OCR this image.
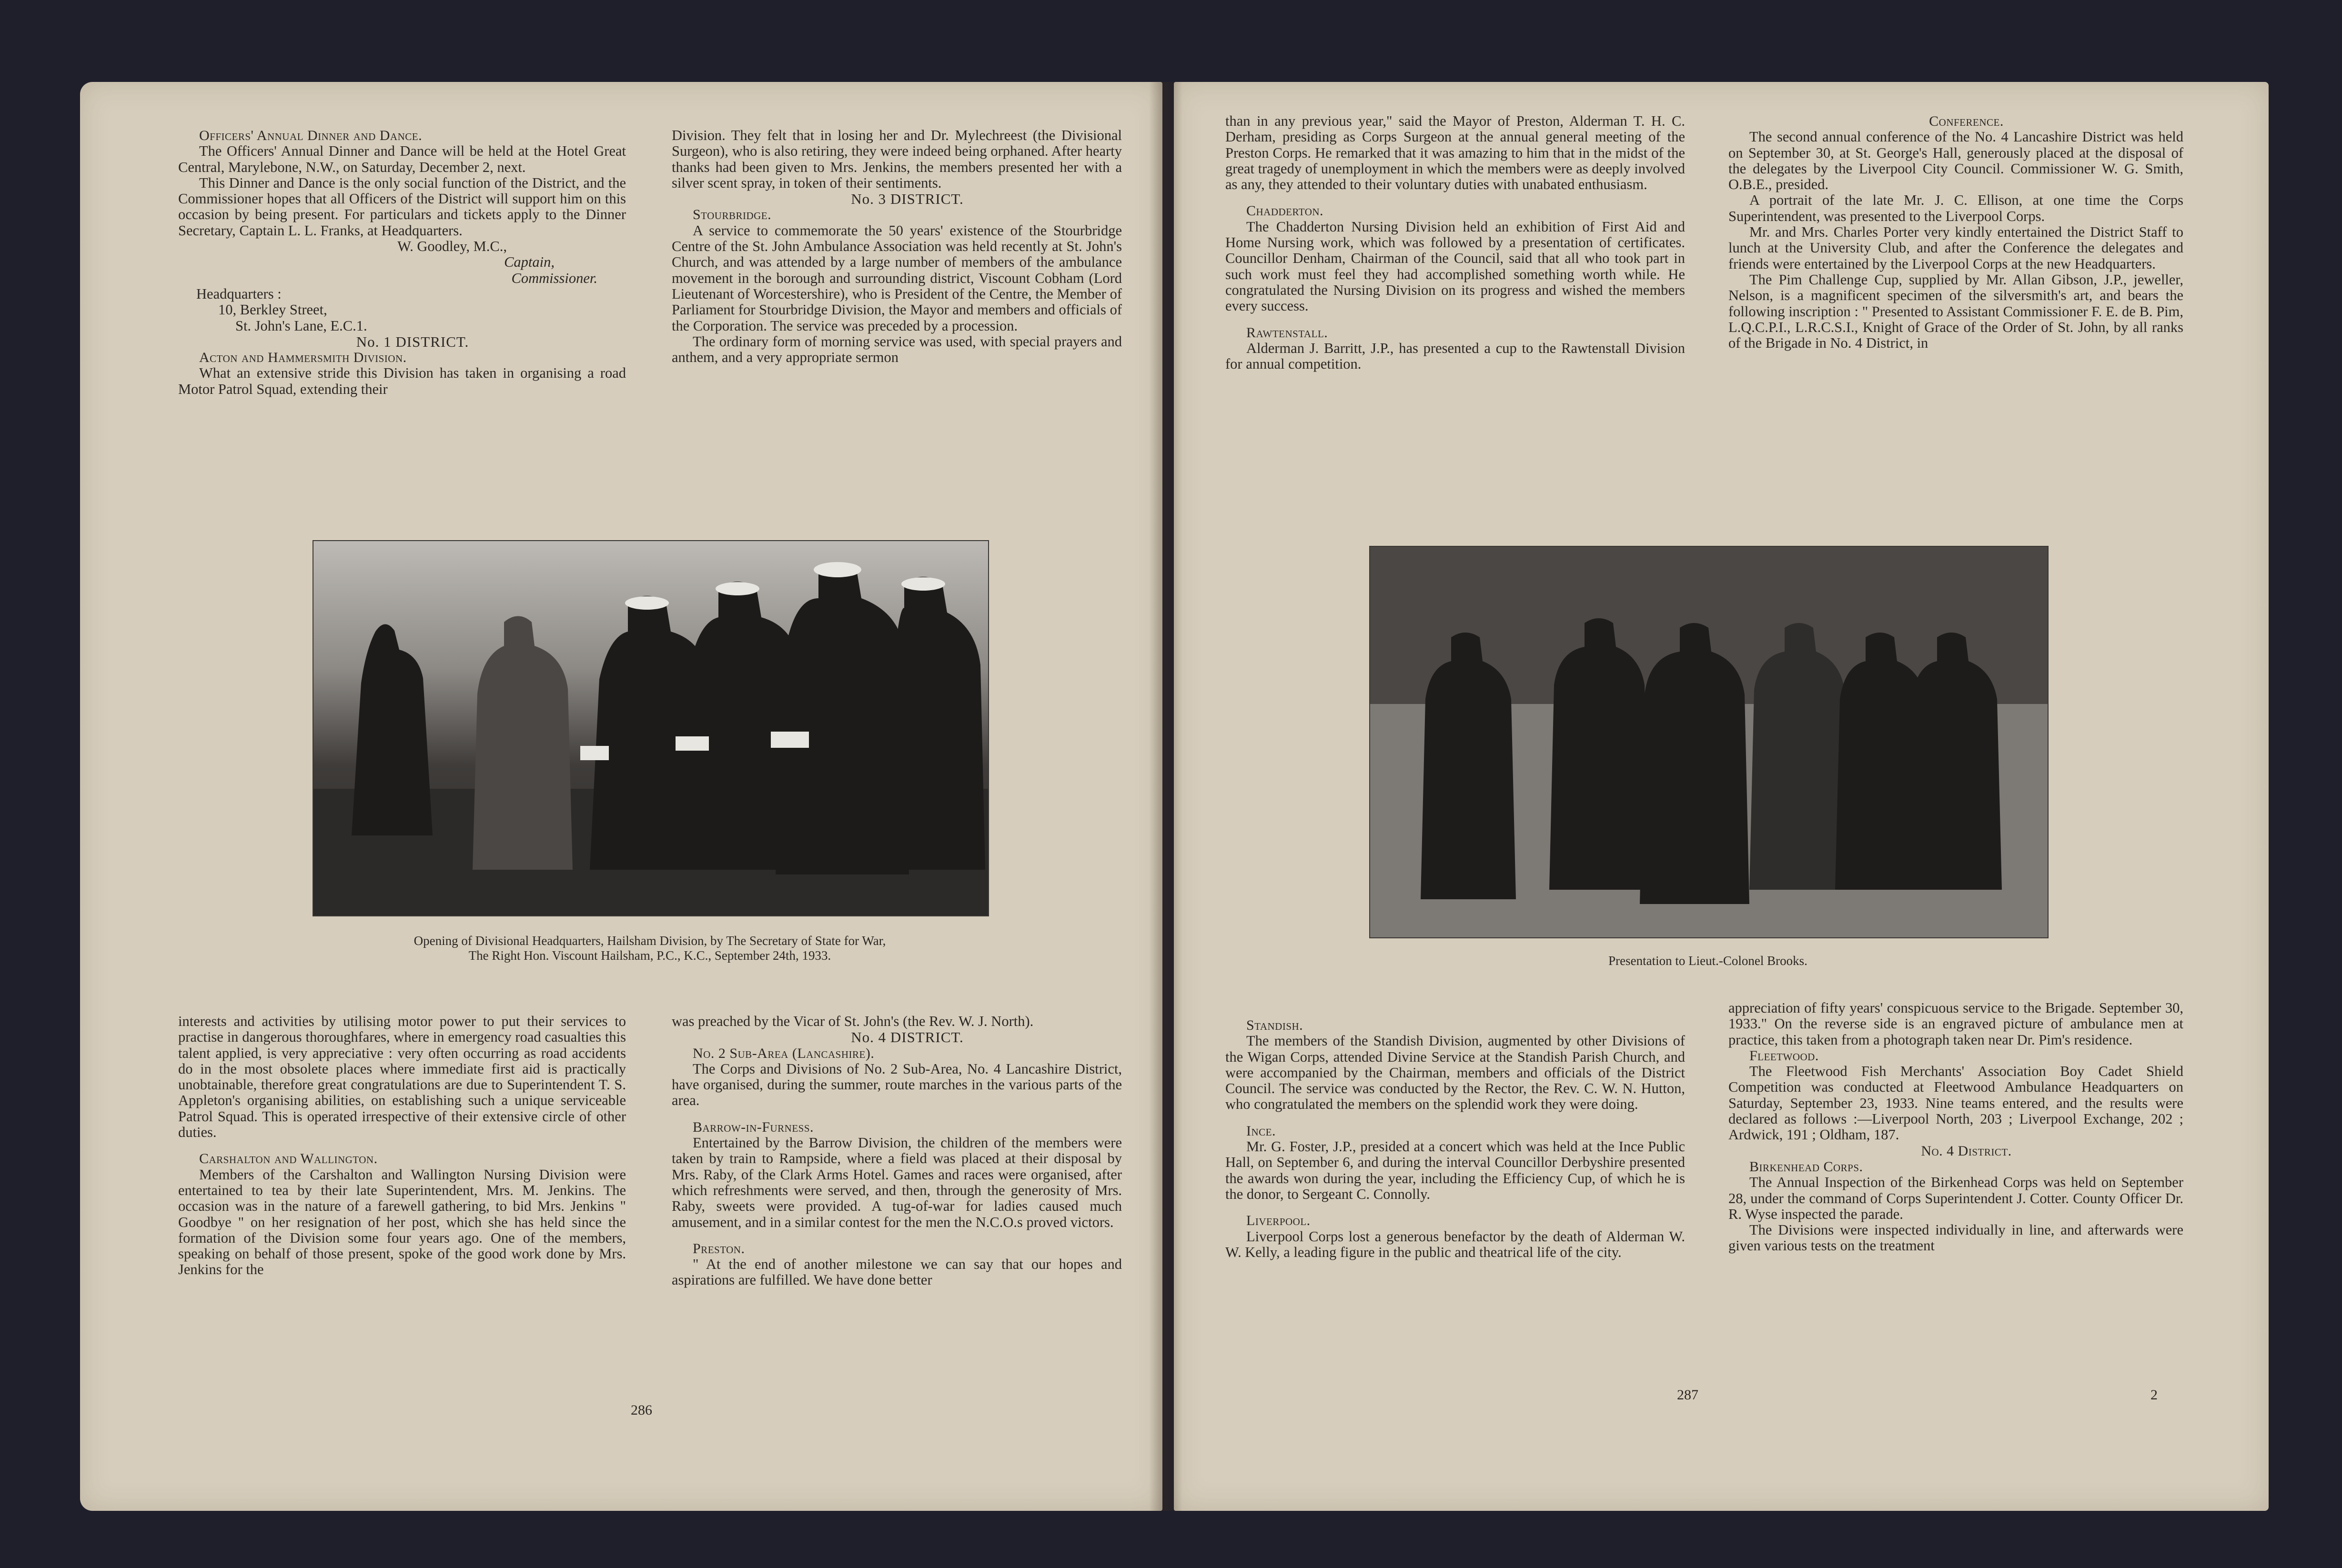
Officers' Annual Dinner and Dance.

The Officers' Annual Dinner and Dance will be held at the Hotel Great Central, Marylebone, N.W., on Saturday, December 2, next.

This Dinner and Dance is the only social function of the District, and the Commissioner hopes that all Officers of the District will support him on this occasion by being present. For particulars and tickets apply to the Dinner Secretary, Captain L. L. Franks, at Headquarters.

W. Goodley, M.C.,

Captain,

Commissioner.

Headquarters :

10, Berkley Street,

St. John's Lane, E.C.1.

No. 1 DISTRICT.

Acton and Hammersmith Division.

What an extensive stride this Division has taken in organising a road Motor Patrol Squad, extending their

Division. They felt that in losing her and Dr. Mylechreest (the Divisional Surgeon), who is also retiring, they were indeed being orphaned. After hearty thanks had been given to Mrs. Jenkins, the members presented her with a silver scent spray, in token of their sentiments.

No. 3 DISTRICT.

Stourbridge.

A service to commemorate the 50 years' existence of the Stourbridge Centre of the St. John Ambulance Association was held recently at St. John's Church, and was attended by a large number of members of the ambulance movement in the borough and surrounding district, Viscount Cobham (Lord Lieutenant of Worcestershire), who is President of the Centre, the Member of Parliament for Stourbridge Division, the Mayor and members and officials of the Corporation. The service was preceded by a procession.

The ordinary form of morning service was used, with special prayers and anthem, and a very appropriate sermon

Opening of Divisional Headquarters, Hailsham Division, by The Secretary of State for War,
The Right Hon. Viscount Hailsham, P.C., K.C., September 24th, 1933.

interests and activities by utilising motor power to put their services to practise in dangerous thoroughfares, where in emergency road casualties this talent applied, is very appreciative : very often occurring as road accidents do in the most obsolete places where immediate first aid is practically unobtainable, therefore great congratulations are due to Superintendent T. S. Appleton's organising abilities, on establishing such a unique serviceable Patrol Squad. This is operated irrespective of their extensive circle of other duties.

Carshalton and Wallington.

Members of the Carshalton and Wallington Nursing Division were entertained to tea by their late Superintendent, Mrs. M. Jenkins. The occasion was in the nature of a farewell gathering, to bid Mrs. Jenkins " Goodbye " on her resignation of her post, which she has held since the formation of the Division some four years ago. One of the members, speaking on behalf of those present, spoke of the good work done by Mrs. Jenkins for the

was preached by the Vicar of St. John's (the Rev. W. J. North).

No. 4 DISTRICT.

No. 2 Sub-Area (Lancashire).

The Corps and Divisions of No. 2 Sub-Area, No. 4 Lancashire District, have organised, during the summer, route marches in the various parts of the area.

Barrow-in-Furness.

Entertained by the Barrow Division, the children of the members were taken by train to Rampside, where a field was placed at their disposal by Mrs. Raby, of the Clark Arms Hotel. Games and races were organised, after which refreshments were served, and then, through the generosity of Mrs. Raby, sweets were provided. A tug-of-war for ladies caused much amusement, and in a similar contest for the men the N.C.O.s proved victors.

Preston.

" At the end of another milestone we can say that our hopes and aspirations are fulfilled. We have done better

286

than in any previous year," said the Mayor of Preston, Alderman T. H. C. Derham, presiding as Corps Surgeon at the annual general meeting of the Preston Corps. He remarked that it was amazing to him that in the midst of the great tragedy of unemployment in which the members were as deeply involved as any, they attended to their voluntary duties with unabated enthusiasm.

Chadderton.

The Chadderton Nursing Division held an exhibition of First Aid and Home Nursing work, which was followed by a presentation of certificates. Councillor Denham, Chairman of the Council, said that all who took part in such work must feel they had accomplished something worth while. He congratulated the Nursing Division on its progress and wished the members every success.

Rawtenstall.

Alderman J. Barritt, J.P., has presented a cup to the Rawtenstall Division for annual competition.

Conference.

The second annual conference of the No. 4 Lancashire District was held on September 30, at St. George's Hall, generously placed at the disposal of the delegates by the Liverpool City Council. Commissioner W. G. Smith, O.B.E., presided.

A portrait of the late Mr. J. C. Ellison, at one time the Corps Superintendent, was presented to the Liverpool Corps.

Mr. and Mrs. Charles Porter very kindly entertained the District Staff to lunch at the University Club, and after the Conference the delegates and friends were entertained by the Liverpool Corps at the new Headquarters.

The Pim Challenge Cup, supplied by Mr. Allan Gibson, J.P., jeweller, Nelson, is a magnificent specimen of the silversmith's art, and bears the following inscription : " Presented to Assistant Commissioner F. E. de B. Pim, L.Q.C.P.I., L.R.C.S.I., Knight of Grace of the Order of St. John, by all ranks of the Brigade in No. 4 District, in

Presentation to Lieut.-Colonel Brooks.

Standish.

The members of the Standish Division, augmented by other Divisions of the Wigan Corps, attended Divine Service at the Standish Parish Church, and were accompanied by the Chairman, members and officials of the District Council. The service was conducted by the Rector, the Rev. C. W. N. Hutton, who congratulated the members on the splendid work they were doing.

Ince.

Mr. G. Foster, J.P., presided at a concert which was held at the Ince Public Hall, on September 6, and during the interval Councillor Derbyshire presented the awards won during the year, including the Efficiency Cup, of which he is the donor, to Sergeant C. Connolly.

Liverpool.

Liverpool Corps lost a generous benefactor by the death of Alderman W. W. Kelly, a leading figure in the public and theatrical life of the city.

appreciation of fifty years' conspicuous service to the Brigade. September 30, 1933." On the reverse side is an engraved picture of ambulance men at practice, this taken from a photograph taken near Dr. Pim's residence.

Fleetwood.

The Fleetwood Fish Merchants' Association Boy Cadet Shield Competition was conducted at Fleetwood Ambulance Headquarters on Saturday, September 23, 1933. Nine teams entered, and the results were declared as follows :—Liverpool North, 203 ; Liverpool Exchange, 202 ; Ardwick, 191 ; Oldham, 187.

No. 4 District.

Birkenhead Corps.

The Annual Inspection of the Birkenhead Corps was held on September 28, under the command of Corps Superintendent J. Cotter. County Officer Dr. R. Wyse inspected the parade.

The Divisions were inspected individually in line, and afterwards were given various tests on the treatment

287	2
